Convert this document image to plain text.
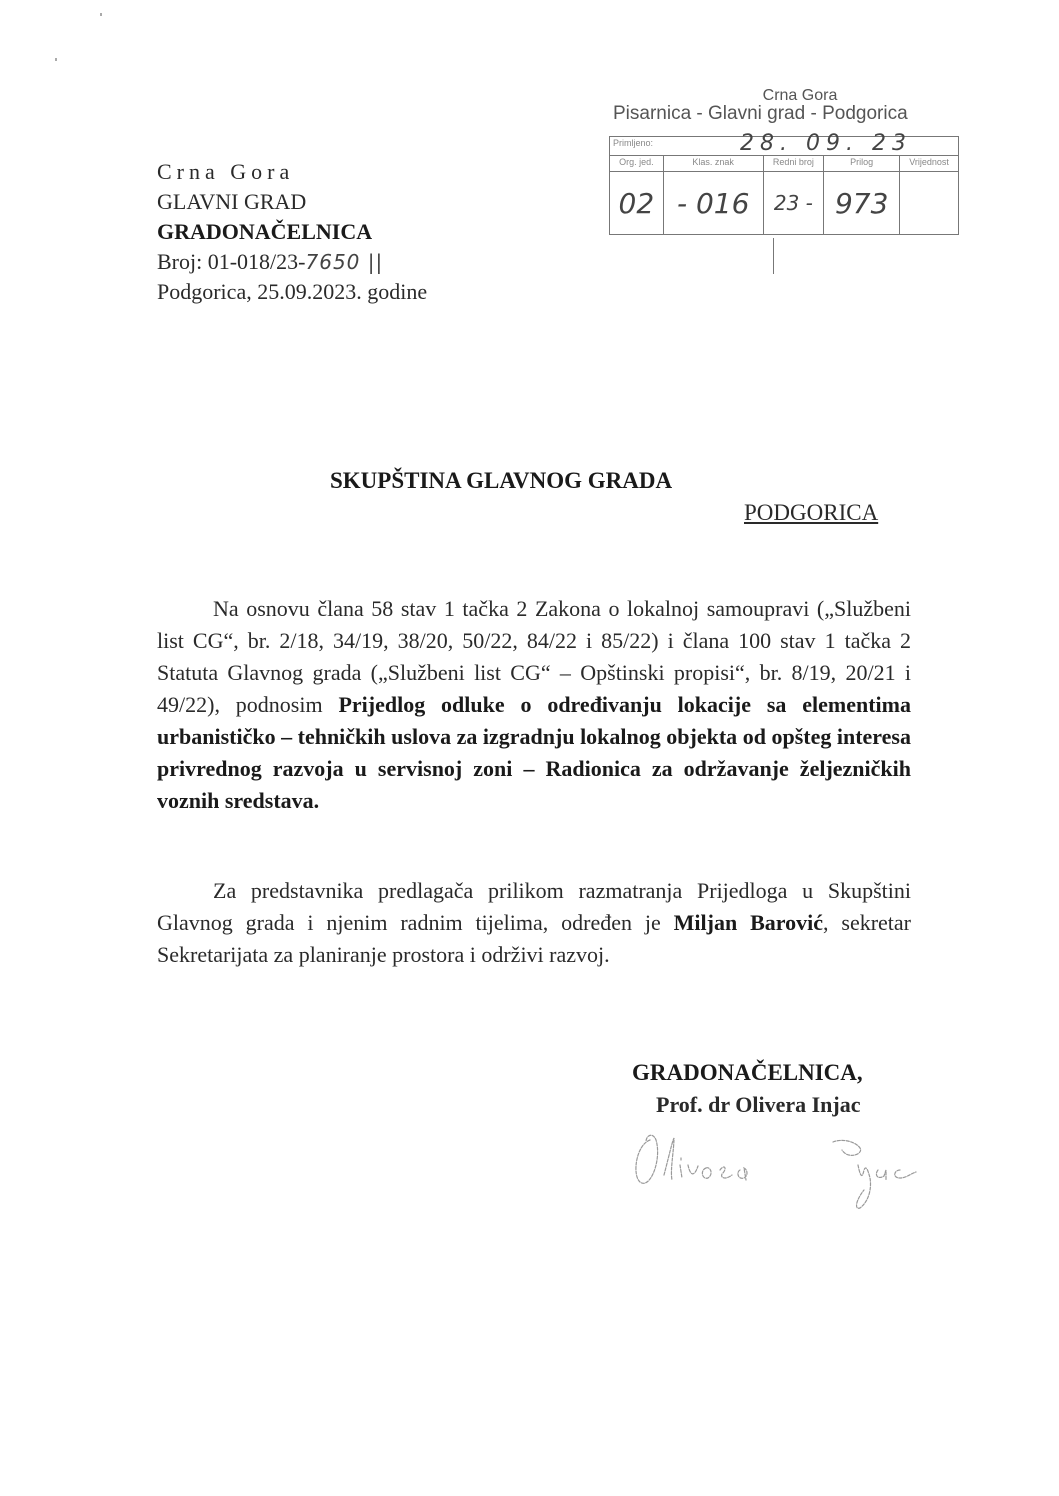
Crna Gora
GLAVNI GRAD
GRADONAČELNICA
Broj: 01-018/23-7650 ||
Podgorica, 25.09.2023. godine
Crna Gora
Pisarnica - Glavni grad - Podgorica
Primljeno: 28. 09. 23				

Org. jed.	Klas. znak	Redni broj	Prilog	Vrijednost
02	- 016	23 -	973	
SKUPŠTINA GLAVNOG GRADA
PODGORICA
Na osnovu člana 58 stav 1 tačka 2 Zakona o lokalnoj samoupravi („Službeni list CG“, br. 2/18, 34/19, 38/20, 50/22, 84/22 i 85/22) i člana 100 stav 1 tačka 2 Statuta Glavnog grada („Službeni list CG“ – Opštinski propisi“, br. 8/19, 20/21 i 49/22), podnosim Prijedlog odluke o određivanju lokacije sa elementima urbanističko – tehničkih uslova za izgradnju lokalnog objekta od opšteg interesa privrednog razvoja u servisnoj zoni – Radionica za održavanje željezničkih voznih sredstava.
Za predstavnika predlagača prilikom razmatranja Prijedloga u Skupštini Glavnog grada i njenim radnim tijelima, određen je Miljan Barović, sekretar Sekretarijata za planiranje prostora i održivi razvoj.
GRADONAČELNICA,
Prof. dr Olivera Injac
